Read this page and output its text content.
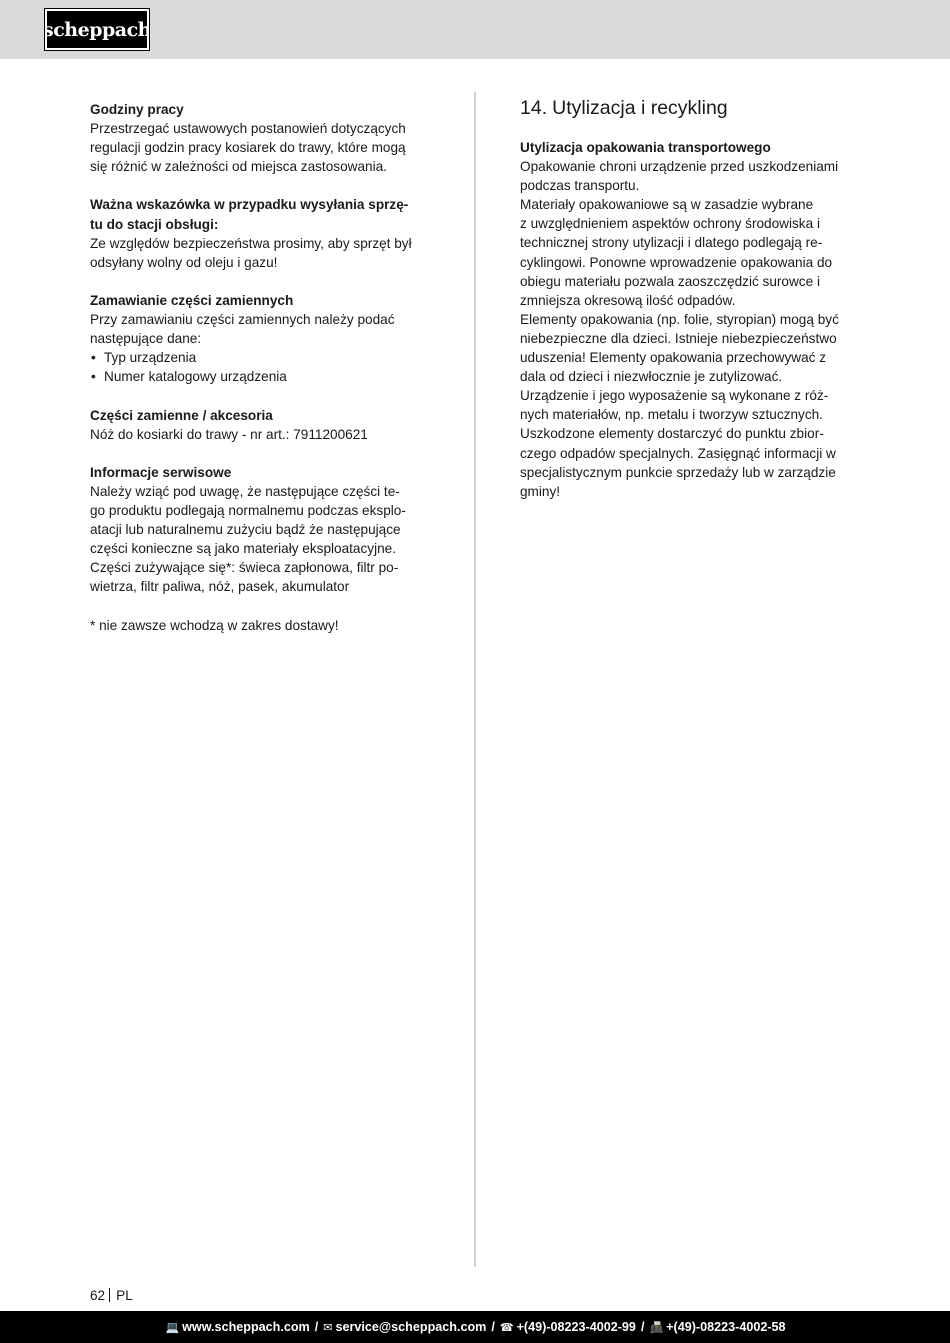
scheppach
Godziny pracy
Przestrzegać ustawowych postanowień dotyczących
regulacji godzin pracy kosiarek do trawy, które mogą
się różnić w zależności od miejsca zastosowania.
Ważna wskazówka w przypadku wysyłania sprzę-
tu do stacji obsługi:
Ze względów bezpieczeństwa prosimy, aby sprzęt był
odsyłany wolny od oleju i gazu!
Zamawianie części zamiennych
Przy zamawianiu części zamiennych należy podać
następujące dane:
• Typ urządzenia
• Numer katalogowy urządzenia
Części zamienne / akcesoria
Nóż do kosiarki do trawy - nr art.: 7911200621
Informacje serwisowe
Należy wziąć pod uwagę, że następujące części te-
go produktu podlegają normalnemu podczas eksplo-
atacji lub naturalnemu zużyciu bądź że następujące
części konieczne są jako materiały eksploatacyjne.
Części zużywające się*: świeca zapłonowa, filtr po-
wietrza, filtr paliwa, nóż, pasek, akumulator
* nie zawsze wchodzą w zakres dostawy!
14. Utylizacja i recykling
Utylizacja opakowania transportowego
Opakowanie chroni urządzenie przed uszkodzeniami
podczas transportu.
Materiały opakowaniowe są w zasadzie wybrane
z uwzględnieniem aspektów ochrony środowiska i
technicznej strony utylizacji i dlatego podlegają re-
cyklingowi. Ponowne wprowadzenie opakowania do
obiegu materiału pozwala zaoszczędzić surowce i
zmniejsza okresową ilość odpadów.
Elementy opakowania (np. folie, styropian) mogą być
niebezpieczne dla dzieci. Istnieje niebezpieczeństwo
uduszenia! Elementy opakowania przechowywać z
dala od dzieci i niezwłocznie je zutylizować.
Urządzenie i jego wyposażenie są wykonane z róż-
nych materiałów, np. metalu i tworzyw sztucznych.
Uszkodzone elementy dostarczyć do punktu zbior-
czego odpadów specjalnych. Zasięgnąć informacji w
specjalistycznym punkcie sprzedaży lub w zarządzie
gminy!
62 PL
💻 www.scheppach.com / ✉ service@scheppach.com / ☎ +(49)-08223-4002-99 / 📠 +(49)-08223-4002-58
